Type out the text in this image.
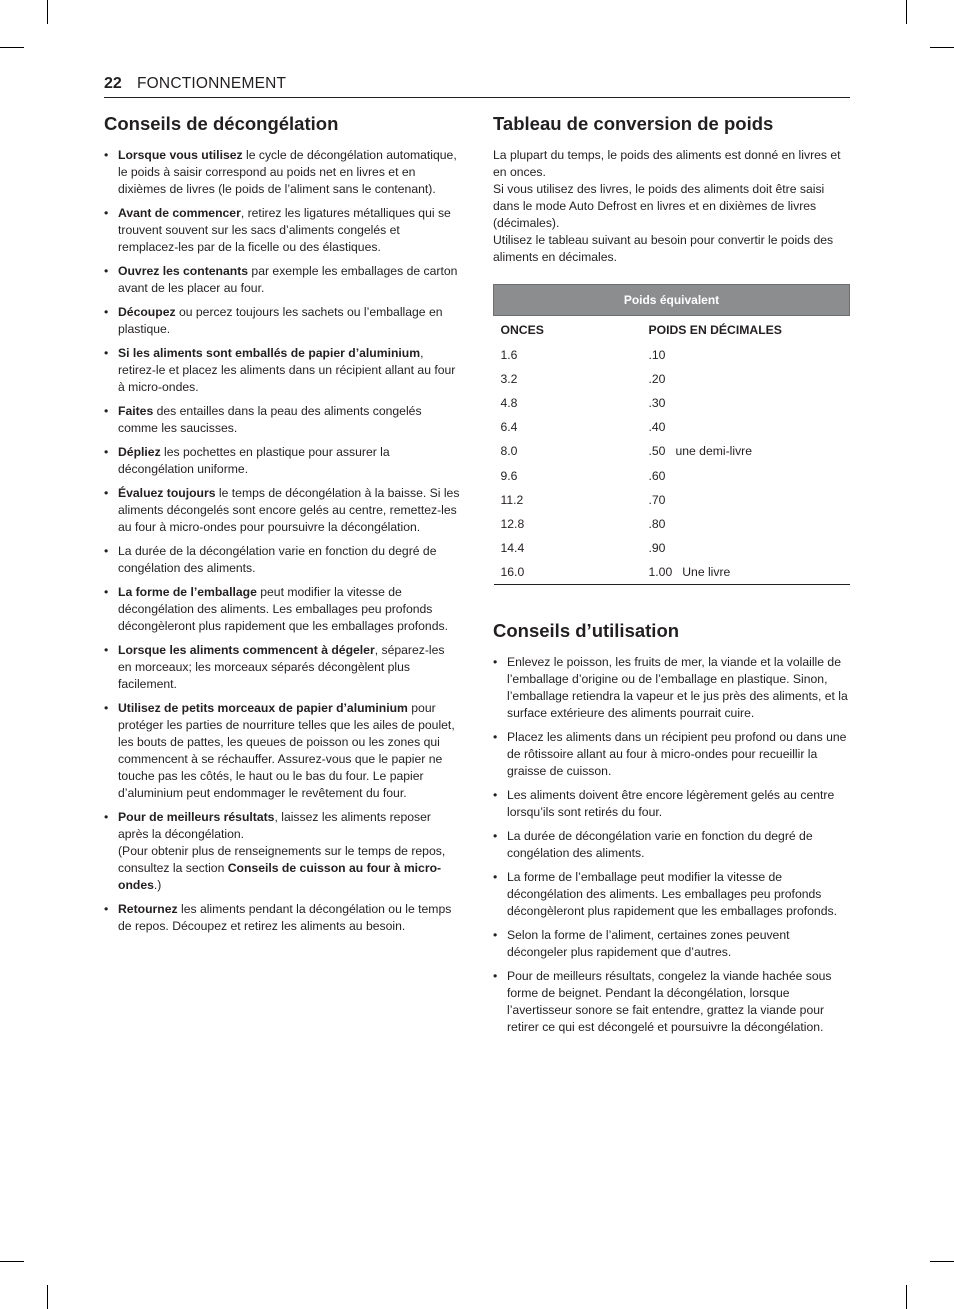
22 FONCTIONNEMENT
Conseils de décongélation
• Lorsque vous utilisez le cycle de décongélation automatique, le poids à saisir correspond au poids net en livres et en dixièmes de livres (le poids de l’aliment sans le contenant).
• Avant de commencer, retirez les ligatures métalliques qui se trouvent souvent sur les sacs d’aliments congelés et remplacez-les par de la ficelle ou des élastiques.
• Ouvrez les contenants par exemple les emballages de carton avant de les placer au four.
• Découpez ou percez toujours les sachets ou l’emballage en plastique.
• Si les aliments sont emballés de papier d’aluminium, retirez-le et placez les aliments dans un récipient allant au four à micro-ondes.
• Faites des entailles dans la peau des aliments congelés comme les saucisses.
• Dépliez les pochettes en plastique pour assurer la décongélation uniforme.
• Évaluez toujours le temps de décongélation à la baisse. Si les aliments décongelés sont encore gelés au centre, remettez-les au four à micro-ondes pour poursuivre la décongélation.
• La durée de la décongélation varie en fonction du degré de congélation des aliments.
• La forme de l’emballage peut modifier la vitesse de décongélation des aliments. Les emballages peu profonds décongèleront plus rapidement que les emballages profonds.
• Lorsque les aliments commencent à dégeler, séparez-les en morceaux; les morceaux séparés décongèlent plus facilement.
• Utilisez de petits morceaux de papier d’aluminium pour protéger les parties de nourriture telles que les ailes de poulet, les bouts de pattes, les queues de poisson ou les zones qui commencent à se réchauffer. Assurez-vous que le papier ne touche pas les côtés, le haut ou le bas du four. Le papier d’aluminium peut endommager le revêtement du four.
• Pour de meilleurs résultats, laissez les aliments reposer après la décongélation.
(Pour obtenir plus de renseignements sur le temps de repos, consultez la section Conseils de cuisson au four à micro-ondes.)
• Retournez les aliments pendant la décongélation ou le temps de repos. Découpez et retirez les aliments au besoin.
Tableau de conversion de poids

La plupart du temps, le poids des aliments est donné en livres et en onces.

Si vous utilisez des livres, le poids des aliments doit être saisi dans le mode Auto Defrost en livres et en dixièmes de livres (décimales).

Utilisez le tableau suivant au besoin pour convertir le poids des aliments en décimales.

Poids équivalent	
ONCES	POIDS EN DÉCIMALES
1.6	.10
3.2	.20
4.8	.30
6.4	.40
8.0	.50 une demi-livre
9.6	.60
11.2	.70
12.8	.80
14.4	.90
16.0	1.00 Une livre
Conseils d’utilisation
• Enlevez le poisson, les fruits de mer, la viande et la volaille de l’emballage d’origine ou de l’emballage en plastique. Sinon, l’emballage retiendra la vapeur et le jus près des aliments, et la surface extérieure des aliments pourrait cuire.
• Placez les aliments dans un récipient peu profond ou dans une de rôtissoire allant au four à micro-ondes pour recueillir la graisse de cuisson.
• Les aliments doivent être encore légèrement gelés au centre lorsqu’ils sont retirés du four.
• La durée de décongélation varie en fonction du degré de congélation des aliments.
• La forme de l’emballage peut modifier la vitesse de décongélation des aliments. Les emballages peu profonds décongèleront plus rapidement que les emballages profonds.
• Selon la forme de l’aliment, certaines zones peuvent décongeler plus rapidement que d’autres.
• Pour de meilleurs résultats, congelez la viande hachée sous forme de beignet. Pendant la décongélation, lorsque l’avertisseur sonore se fait entendre, grattez la viande pour retirer ce qui est décongelé et poursuivre la décongélation.
